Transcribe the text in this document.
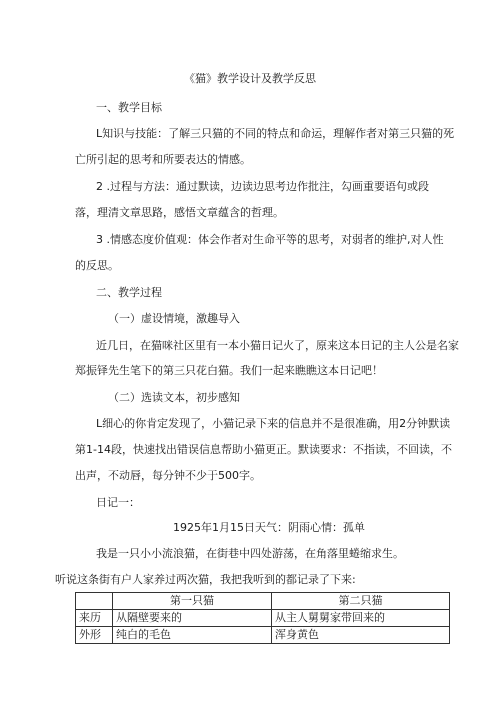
《猫》教学设计及教学反思
一、教学目标
L知识与技能：了解三只猫的不同的特点和命运，理解作者对第三只猫的死
亡所引起的思考和所要表达的情感。
2 .过程与方法：通过默读，边读边思考边作批注，勾画重要语句或段
落，理清文章思路，感悟文章蕴含的哲理。
3 .情感态度价值观：体会作者对生命平等的思考，对弱者的维护,对人性
的反思。
二、教学过程
（一）虚设情境，激趣导入
近几日，在猫咪社区里有一本小猫日记火了，原来这本日记的主人公是名家
郑振铎先生笔下的第三只花白猫。我们一起来瞧瞧这本日记吧！
（二）选读文本，初步感知
L细心的你肯定发现了，小猫记录下来的信息并不是很准确，用2分钟默读
第1-14段，快速找出错误信息帮助小猫更正。默读要求：不指读，不回读，不
出声，不动唇，每分钟不少于500字。
日记一：
1925年1月15日天气：阴雨心情：孤单
我是一只小小流浪猫，在街巷中四处游荡，在角落里蜷缩求生。
听说这条街有户人家养过两次猫，我把我听到的都记录了下来:
	第一只猫	第二只猫
来历	从隔壁要来的	从主人舅舅家带回来的
外形	纯白的毛色	浑身黄色
